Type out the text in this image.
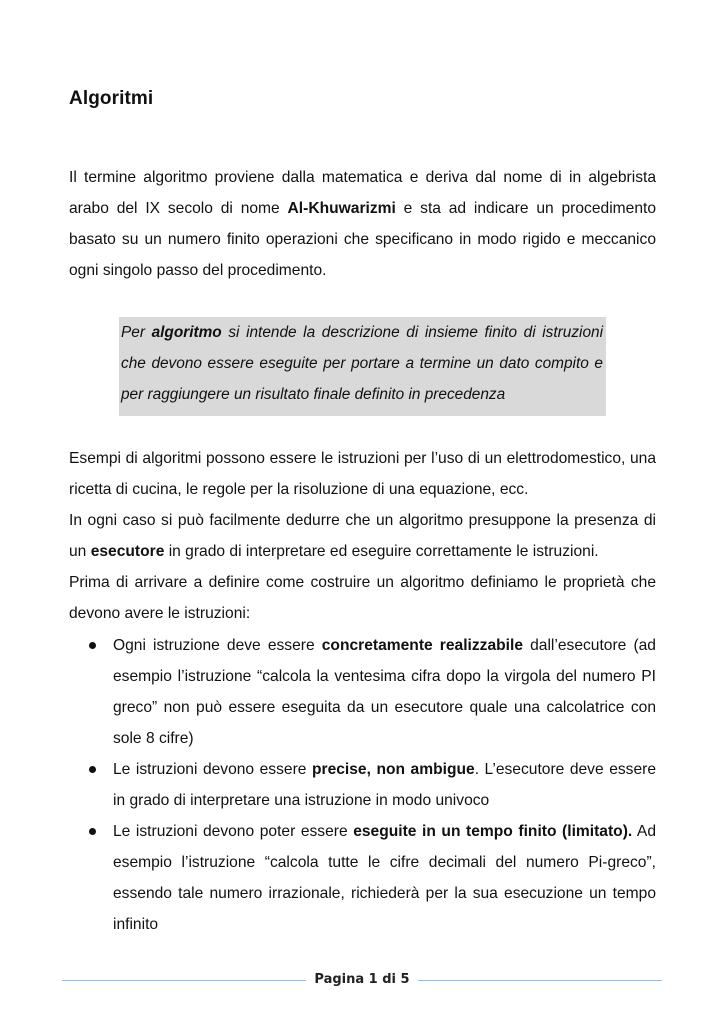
Algoritmi

Il termine algoritmo proviene dalla matematica e deriva dal nome di in algebrista arabo del IX secolo di nome Al-Khuwarizmi e sta ad indicare un procedimento basato su un numero finito operazioni che specificano in modo rigido e meccanico ogni singolo passo del procedimento.

Per algoritmo si intende la descrizione di insieme finito di istruzioni che devono essere eseguite per portare a termine un dato compito e per raggiungere un risultato finale definito in precedenza

Esempi di algoritmi possono essere le istruzioni per l’uso di un elettrodomestico, una ricetta di cucina, le regole per la risoluzione di una equazione, ecc.

In ogni caso si può facilmente dedurre che un algoritmo presuppone la presenza di un esecutore in grado di interpretare ed eseguire correttamente le istruzioni.

Prima di arrivare a definire come costruire un algoritmo definiamo le proprietà che devono avere le istruzioni:

Ogni istruzione deve essere concretamente realizzabile dall’esecutore (ad esempio l’istruzione “calcola la ventesima cifra dopo la virgola del numero PI greco” non può essere eseguita da un esecutore quale una calcolatrice con sole 8 cifre)
Le istruzioni devono essere precise, non ambigue. L’esecutore deve essere in grado di interpretare una istruzione in modo univoco
Le istruzioni devono poter essere eseguite in un tempo finito (limitato). Ad esempio l’istruzione “calcola tutte le cifre decimali del numero Pi-greco”, essendo tale numero irrazionale, richiederà per la sua esecuzione un tempo infinito
Pagina 1 di 5
